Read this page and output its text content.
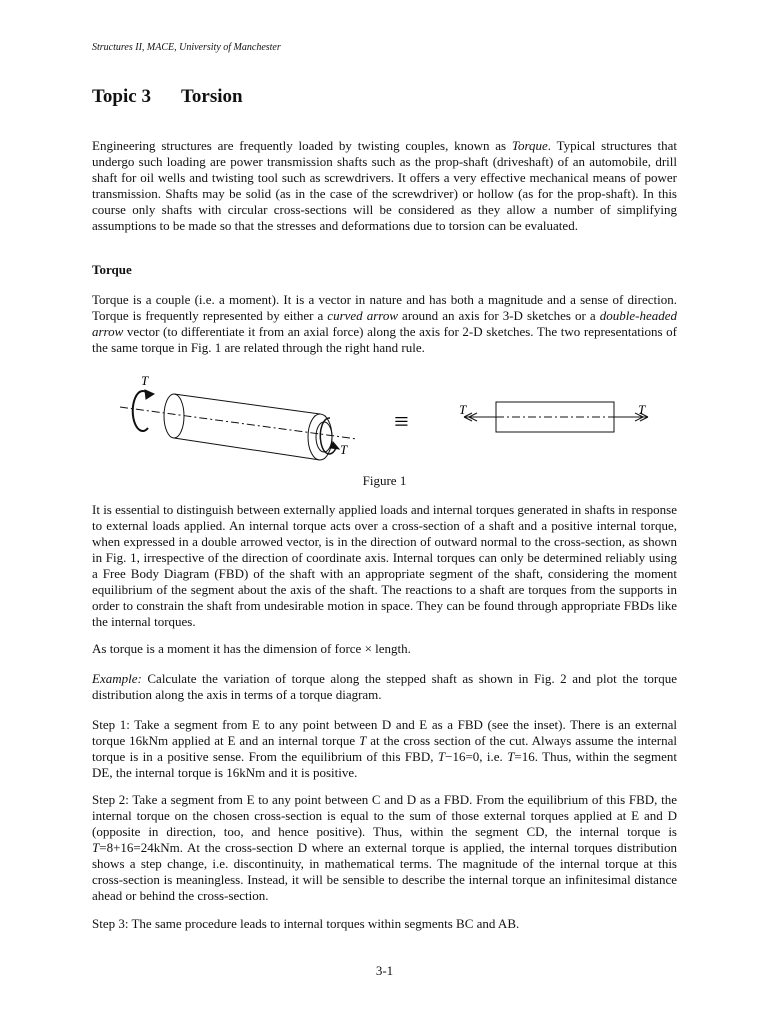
Structures II, MACE, University of Manchester
Topic 3 Torsion

Engineering structures are frequently loaded by twisting couples, known as Torque. Typical structures that undergo such loading are power transmission shafts such as the prop-shaft (driveshaft) of an automobile, drill shaft for oil wells and twisting tool such as screwdrivers. It offers a very effective mechanical means of power transmission. Shafts may be solid (as in the case of the screwdriver) or hollow (as for the prop-shaft). In this course only shafts with circular cross-sections will be considered as they allow a number of simplifying assumptions to be made so that the stresses and deformations due to torsion can be evaluated.

Torque

Torque is a couple (i.e. a moment). It is a vector in nature and has both a magnitude and a sense of direction. Torque is frequently represented by either a curved arrow around an axis for 3-D sketches or a double-headed arrow vector (to differentiate it from an axial force) along the axis for 2-D sketches. The two representations of the same torque in Fig. 1 are related through the right hand rule.

T
T
≡	T	T
Figure 1
It is essential to distinguish between externally applied loads and internal torques generated in shafts in response to external loads applied. An internal torque acts over a cross-section of a shaft and a positive internal torque, when expressed in a double arrowed vector, is in the direction of outward normal to the cross-section, as shown in Fig. 1, irrespective of the direction of coordinate axis. Internal torques can only be determined reliably using a Free Body Diagram (FBD) of the shaft with an appropriate segment of the shaft, considering the moment equilibrium of the segment about the axis of the shaft. The reactions to a shaft are torques from the supports in order to constrain the shaft from undesirable motion in space. They can be found through appropriate FBDs like the internal torques.
As torque is a moment it has the dimension of force × length.

Example: Calculate the variation of torque along the stepped shaft as shown in Fig. 2 and plot the torque distribution along the axis in terms of a torque diagram.

Step 1: Take a segment from E to any point between D and E as a FBD (see the inset). There is an external torque 16kNm applied at E and an internal torque T at the cross section of the cut. Always assume the internal torque is in a positive sense. From the equilibrium of this FBD, T−16=0, i.e. T=16. Thus, within the segment DE, the internal torque is 16kNm and it is positive.

Step 2: Take a segment from E to any point between C and D as a FBD. From the equilibrium of this FBD, the internal torque on the chosen cross-section is equal to the sum of those external torques applied at E and D (opposite in direction, too, and hence positive). Thus, within the segment CD, the internal torque is T=8+16=24kNm. At the cross-section D where an external torque is applied, the internal torques distribution shows a step change, i.e. discontinuity, in mathematical terms. The magnitude of the internal torque at this cross-section is meaningless. Instead, it will be sensible to describe the internal torque an infinitesimal distance ahead or behind the cross-section.

Step 3: The same procedure leads to internal torques within segments BC and AB.
3-1
